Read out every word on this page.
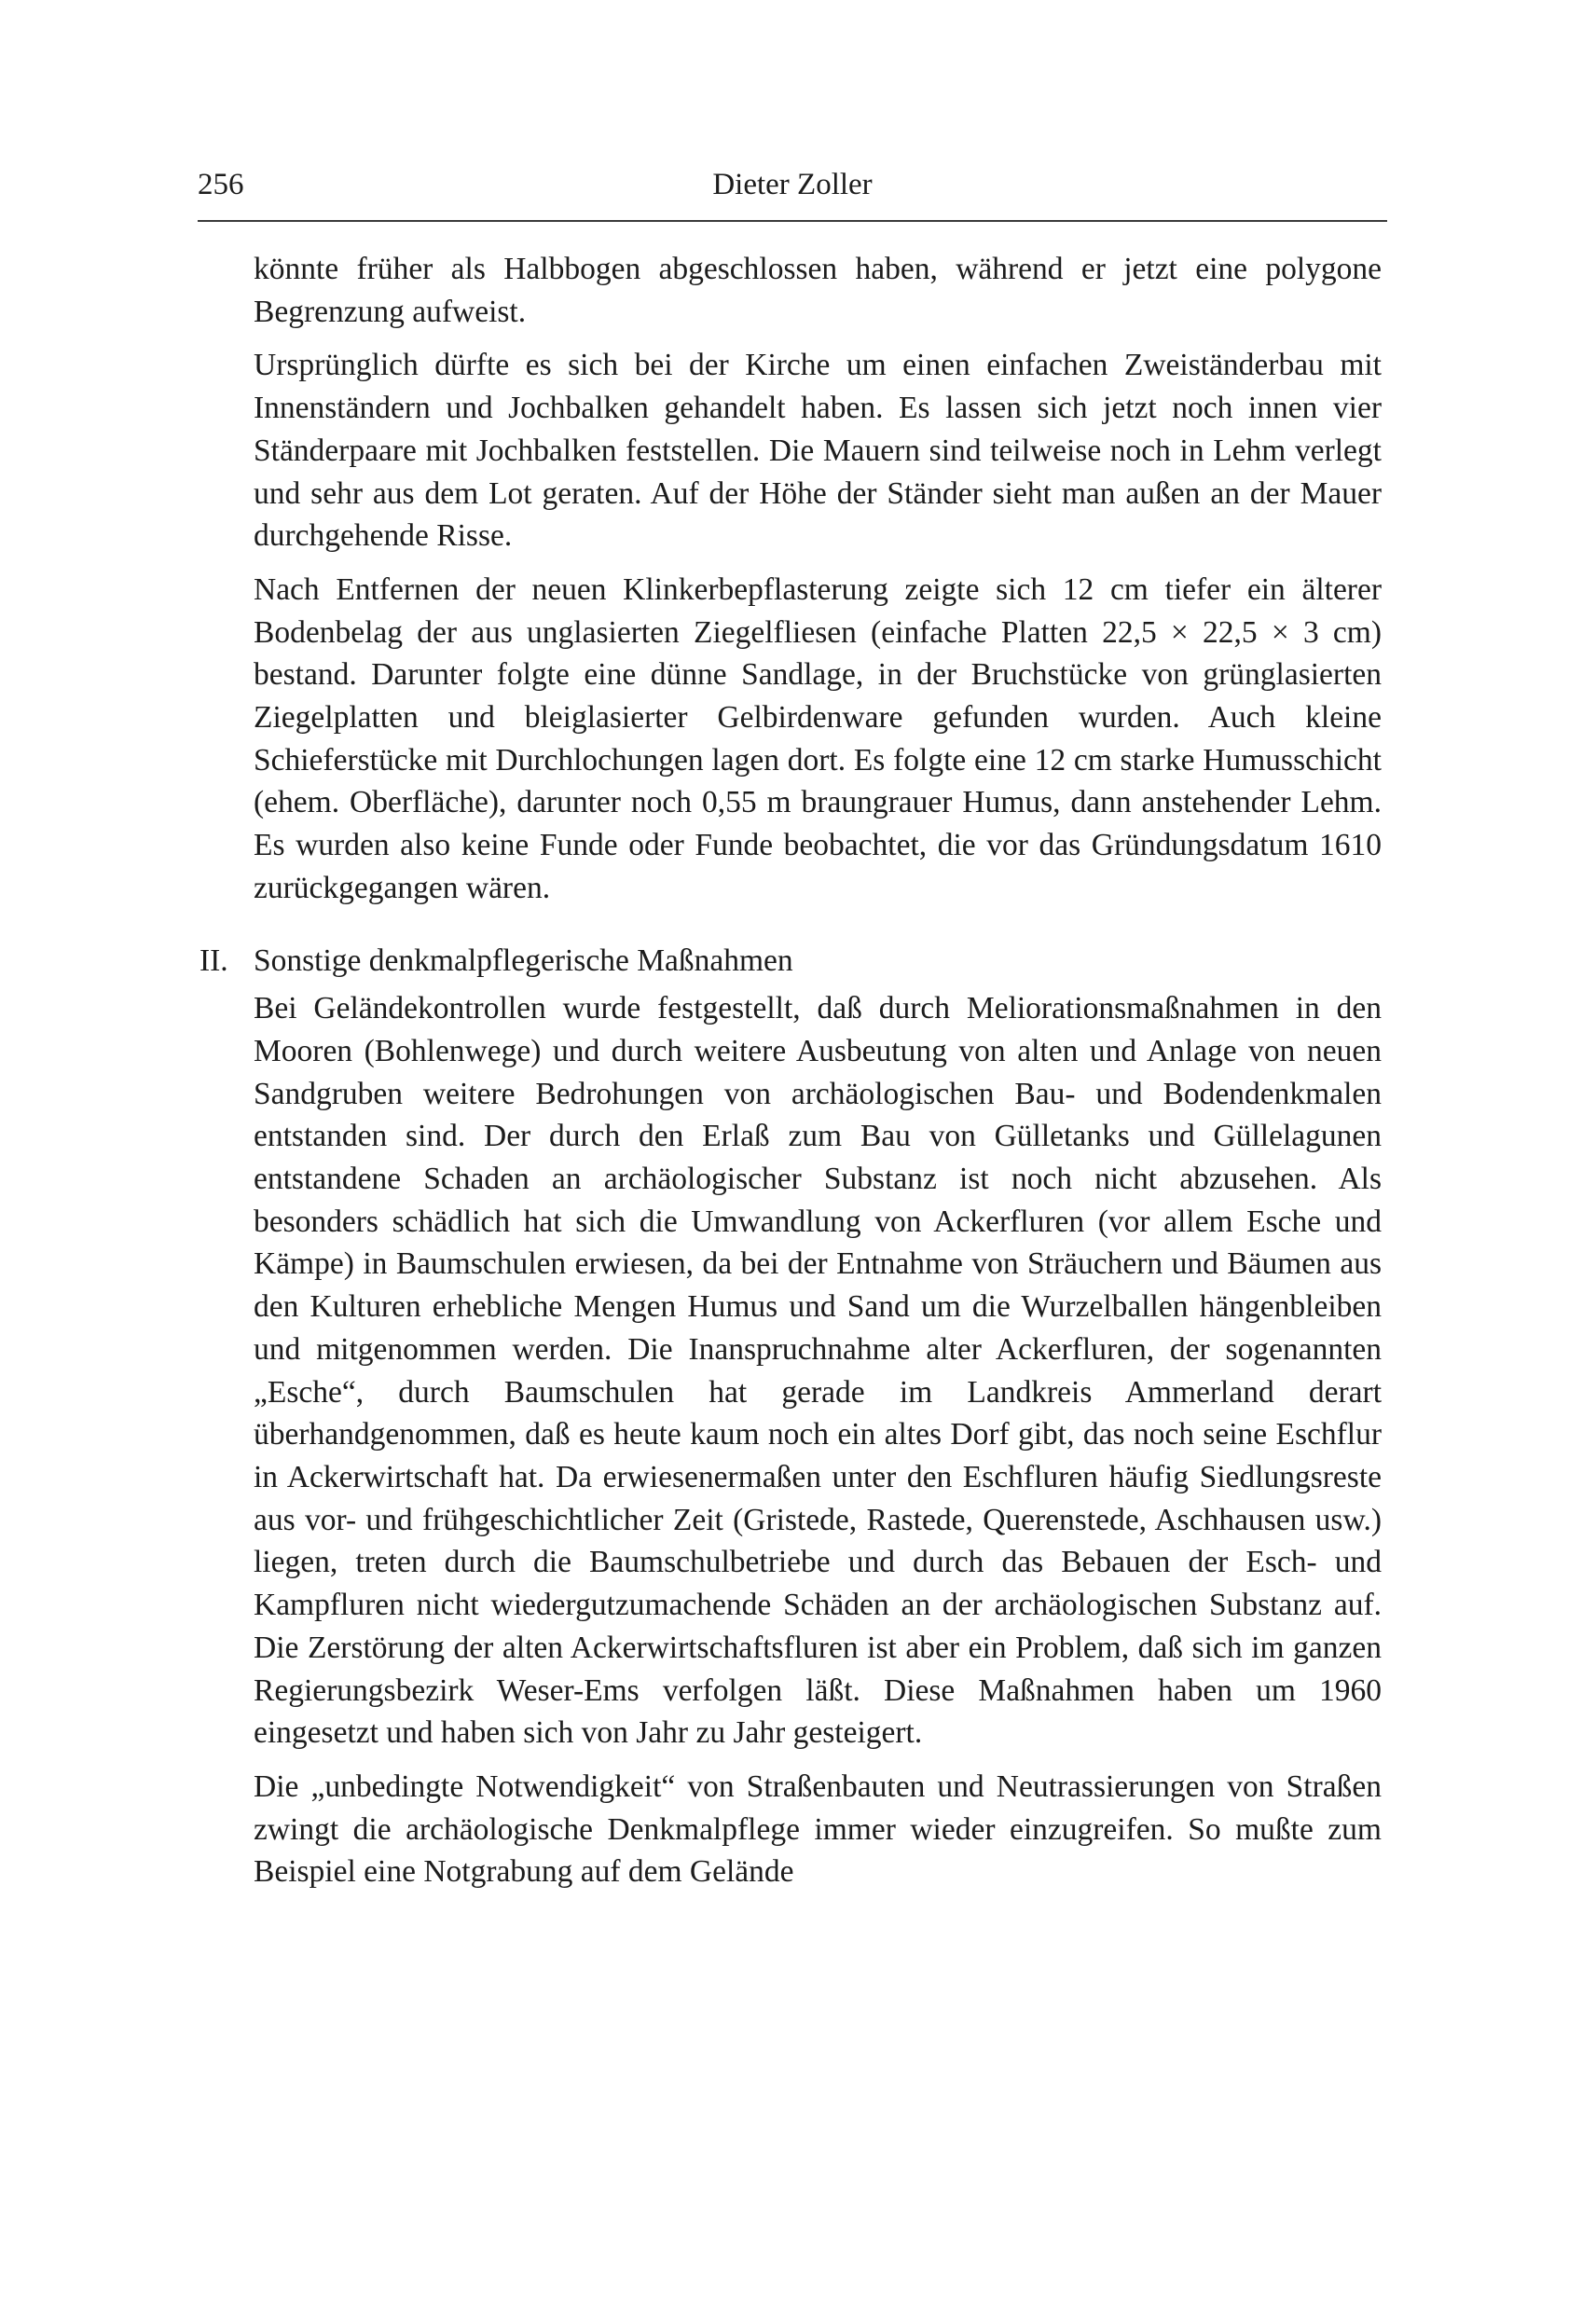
256	Dieter Zoller

könnte früher als Halbbogen abgeschlossen haben, während er jetzt eine polygone Begrenzung aufweist.

Ursprünglich dürfte es sich bei der Kirche um einen einfachen Zweiständerbau mit Innenständern und Jochbalken gehandelt haben. Es lassen sich jetzt noch innen vier Ständerpaare mit Jochbalken feststellen. Die Mauern sind teilweise noch in Lehm verlegt und sehr aus dem Lot geraten. Auf der Höhe der Ständer sieht man außen an der Mauer durchgehende Risse.

Nach Entfernen der neuen Klinkerbepflasterung zeigte sich 12 cm tiefer ein älterer Bodenbelag der aus unglasierten Ziegelfliesen (einfache Platten 22,5 × 22,5 × 3 cm) bestand. Darunter folgte eine dünne Sandlage, in der Bruchstücke von grünglasierten Ziegelplatten und bleiglasierter Gelbirdenware gefunden wurden. Auch kleine Schieferstücke mit Durchlochungen lagen dort. Es folgte eine 12 cm starke Humusschicht (ehem. Oberfläche), darunter noch 0,55 m braungrauer Humus, dann anstehender Lehm. Es wurden also keine Funde oder Funde beobachtet, die vor das Gründungsdatum 1610 zurückgegangen wären.

II. Sonstige denkmalpflegerische Maßnahmen

Bei Geländekontrollen wurde festgestellt, daß durch Meliorationsmaßnahmen in den Mooren (Bohlenwege) und durch weitere Ausbeutung von alten und Anlage von neuen Sandgruben weitere Bedrohungen von archäologischen Bau- und Bodendenkmalen entstanden sind. Der durch den Erlaß zum Bau von Gülletanks und Güllelagunen entstandene Schaden an archäologischer Substanz ist noch nicht abzusehen. Als besonders schädlich hat sich die Umwandlung von Ackerfluren (vor allem Esche und Kämpe) in Baumschulen erwiesen, da bei der Entnahme von Sträuchern und Bäumen aus den Kulturen erhebliche Mengen Humus und Sand um die Wurzelballen hängenbleiben und mitgenommen werden. Die Inanspruchnahme alter Ackerfluren, der sogenannten „Esche“, durch Baumschulen hat gerade im Landkreis Ammerland derart überhandgenommen, daß es heute kaum noch ein altes Dorf gibt, das noch seine Eschflur in Ackerwirtschaft hat. Da erwiesenermaßen unter den Eschfluren häufig Siedlungsreste aus vor- und frühgeschichtlicher Zeit (Gristede, Rastede, Querenstede, Aschhausen usw.) liegen, treten durch die Baumschulbetriebe und durch das Bebauen der Esch- und Kampfluren nicht wiedergutzumachende Schäden an der archäologischen Substanz auf. Die Zerstörung der alten Ackerwirtschaftsfluren ist aber ein Problem, daß sich im ganzen Regierungsbezirk Weser-Ems verfolgen läßt. Diese Maßnahmen haben um 1960 eingesetzt und haben sich von Jahr zu Jahr gesteigert.

Die „unbedingte Notwendigkeit“ von Straßenbauten und Neutrassierungen von Straßen zwingt die archäologische Denkmalpflege immer wieder einzugreifen. So mußte zum Beispiel eine Notgrabung auf dem Gelände
